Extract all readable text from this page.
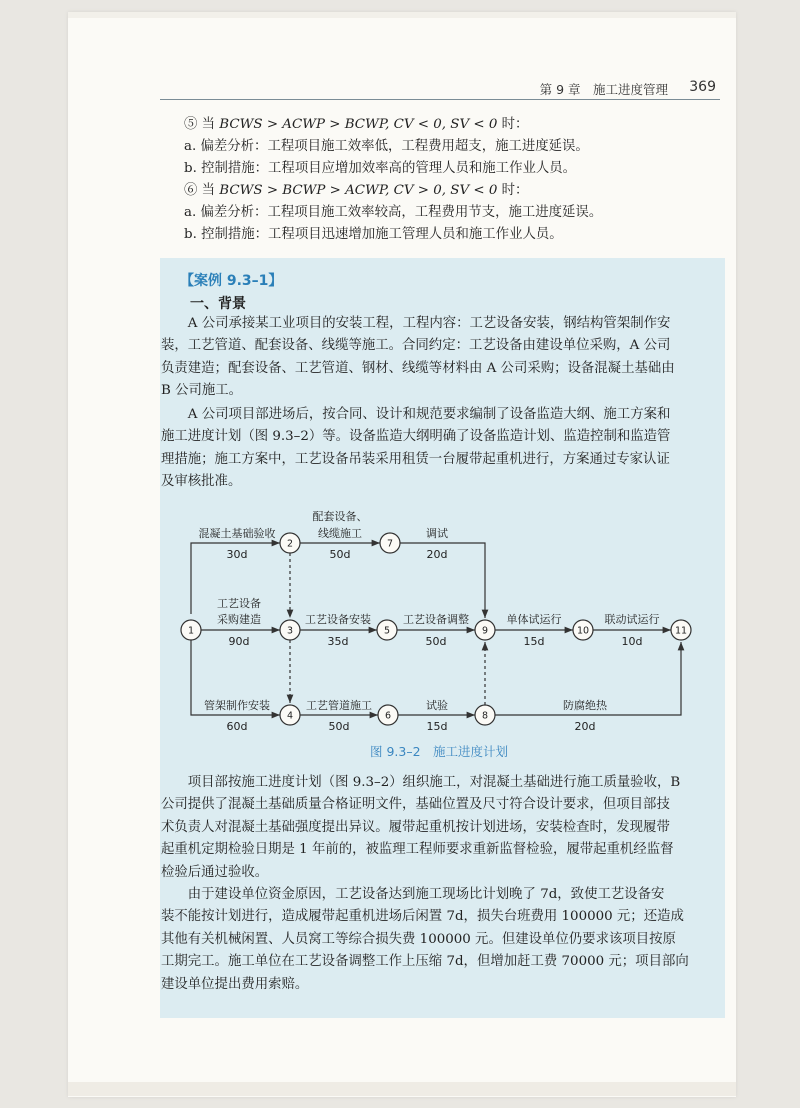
第 9 章　施工进度管理 369
⑤ 当 BCWS > ACWP > BCWP, CV < 0, SV < 0 时：
a. 偏差分析：工程项目施工效率低，工程费用超支，施工进度延误。
b. 控制措施：工程项目应增加效率高的管理人员和施工作业人员。
⑥ 当 BCWS > BCWP > ACWP, CV > 0, SV < 0 时：
a. 偏差分析：工程项目施工效率较高，工程费用节支，施工进度延误。
b. 控制措施：工程项目迅速增加施工管理人员和施工作业人员。
【案例 9.3–1】
一、背景
　　A 公司承接某工业项目的安装工程，工程内容：工艺设备安装，钢结构管架制作安
装，工艺管道、配套设备、线缆等施工。合同约定：工艺设备由建设单位采购，A 公司
负责建造；配套设备、工艺管道、钢材、线缆等材料由 A 公司采购；设备混凝土基础由
B 公司施工。
　　A 公司项目部进场后，按合同、设计和规范要求编制了设备监造大纲、施工方案和
施工进度计划（图 9.3–2）等。设备监造大纲明确了设备监造计划、监造控制和监造管
理措施；施工方案中，工艺设备吊装采用租赁一台履带起重机进行，方案通过专家认证
及审核批准。
1
2
3
4
5
6
7
8
9	10	11
混凝土基础验收
30d
配套设备、
线缆施工
50d
调试
20d
工艺设备
采购建造
90d
工艺设备安装
35d
工艺设备调整
50d
单体试运行
15d
联动试运行
10d
管架制作安装
60d
工艺管道施工
50d
试验
15d
防腐绝热
20d
图 9.3–2　施工进度计划
　　项目部按施工进度计划（图 9.3–2）组织施工，对混凝土基础进行施工质量验收，B
公司提供了混凝土基础质量合格证明文件，基础位置及尺寸符合设计要求，但项目部技
术负责人对混凝土基础强度提出异议。履带起重机按计划进场，安装检查时，发现履带
起重机定期检验日期是 1 年前的，被监理工程师要求重新监督检验，履带起重机经监督
检验后通过验收。
　　由于建设单位资金原因，工艺设备达到施工现场比计划晚了 7d，致使工艺设备安
装不能按计划进行，造成履带起重机进场后闲置 7d，损失台班费用 100000 元；还造成
其他有关机械闲置、人员窝工等综合损失费 100000 元。但建设单位仍要求该项目按原
工期完工。施工单位在工艺设备调整工作上压缩 7d，但增加赶工费 70000 元；项目部向
建设单位提出费用索赔。
